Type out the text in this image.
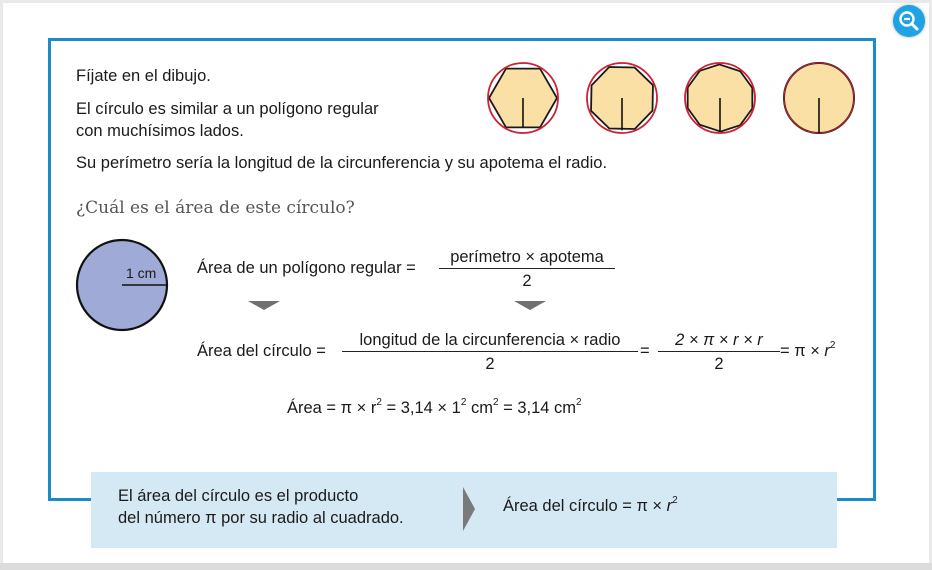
Fíjate en el dibujo.
El círculo es similar a un polígono regular
con muchísimos lados.
Su perímetro sería la longitud de la circunferencia y su apotema el radio.
¿Cuál es el área de este círculo?
1 cm Área de un polígono regular =
perímetro × apotema
2
Área del círculo =
longitud de la circunferencia × radio
2
= $\frac{2 \times \pi \times r \times r}{2} = \pi \times r^2$
Área = $\pi \times r^2 = 3,14 \times 1^2$ $cm^2 = 3,14$ $cm^2$
El área del círculo es el producto
del número π por su radio al cuadrado.
Área del círculo = $\pi \times r^2$
